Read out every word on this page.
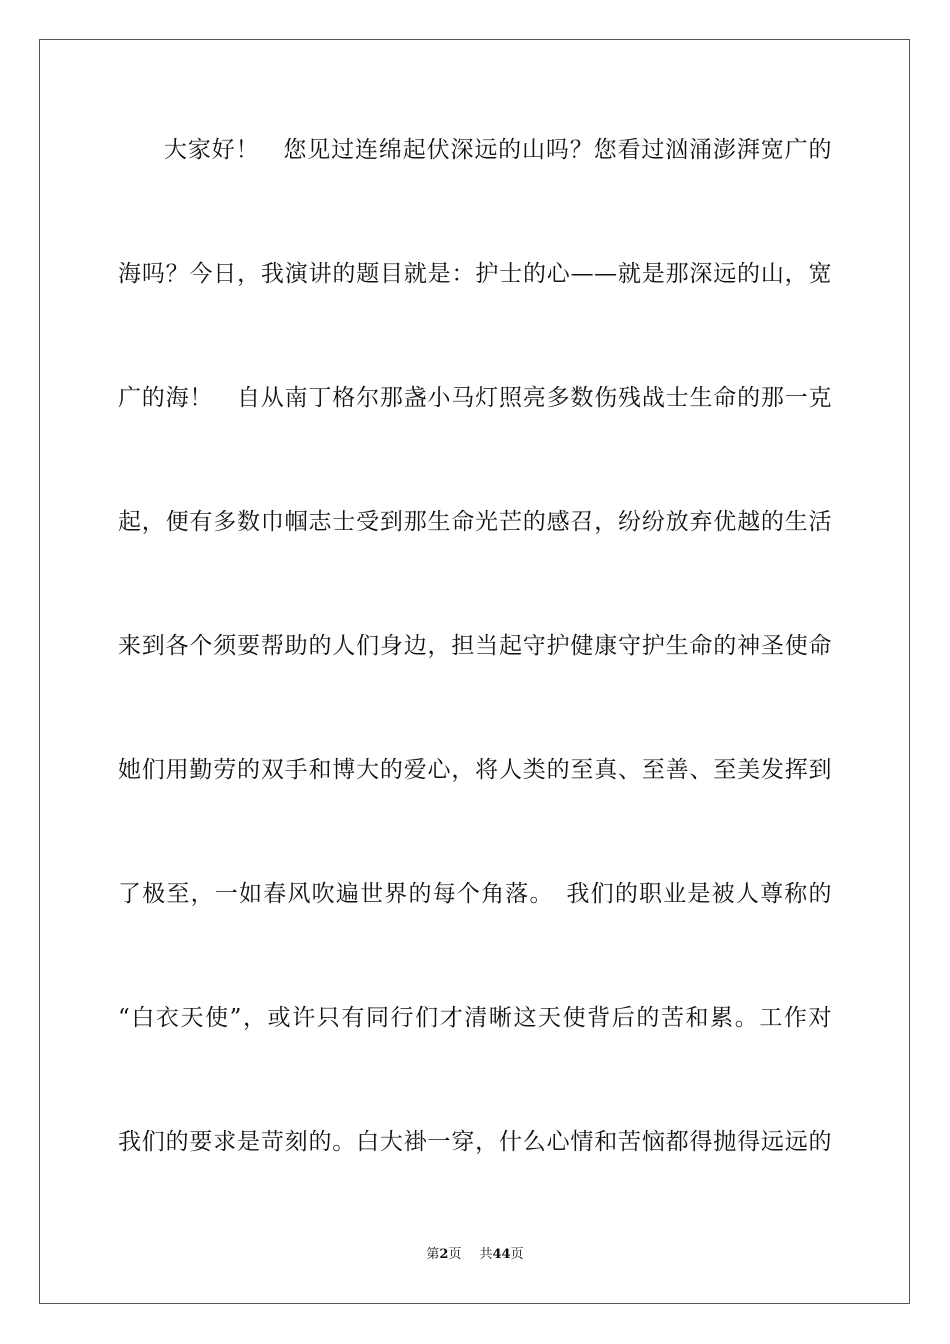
大家好！　您见过连绵起伏深远的山吗？您看过汹涌澎湃宽广的
海吗？今日，我演讲的题目就是：护士的心——就是那深远的山，宽
广的海！　自从南丁格尔那盏小马灯照亮多数伤残战士生命的那一克
起，便有多数巾帼志士受到那生命光芒的感召，纷纷放弃优越的生活
来到各个须要帮助的人们身边，担当起守护健康守护生命的神圣使命
她们用勤劳的双手和博大的爱心，将人类的至真、至善、至美发挥到
了极至，一如春风吹遍世界的每个角落。　我们的职业是被人尊称的
“白衣天使”，或许只有同行们才清晰这天使背后的苦和累。工作对
我们的要求是苛刻的。白大褂一穿，什么心情和苦恼都得抛得远远的
第2页 共44页
